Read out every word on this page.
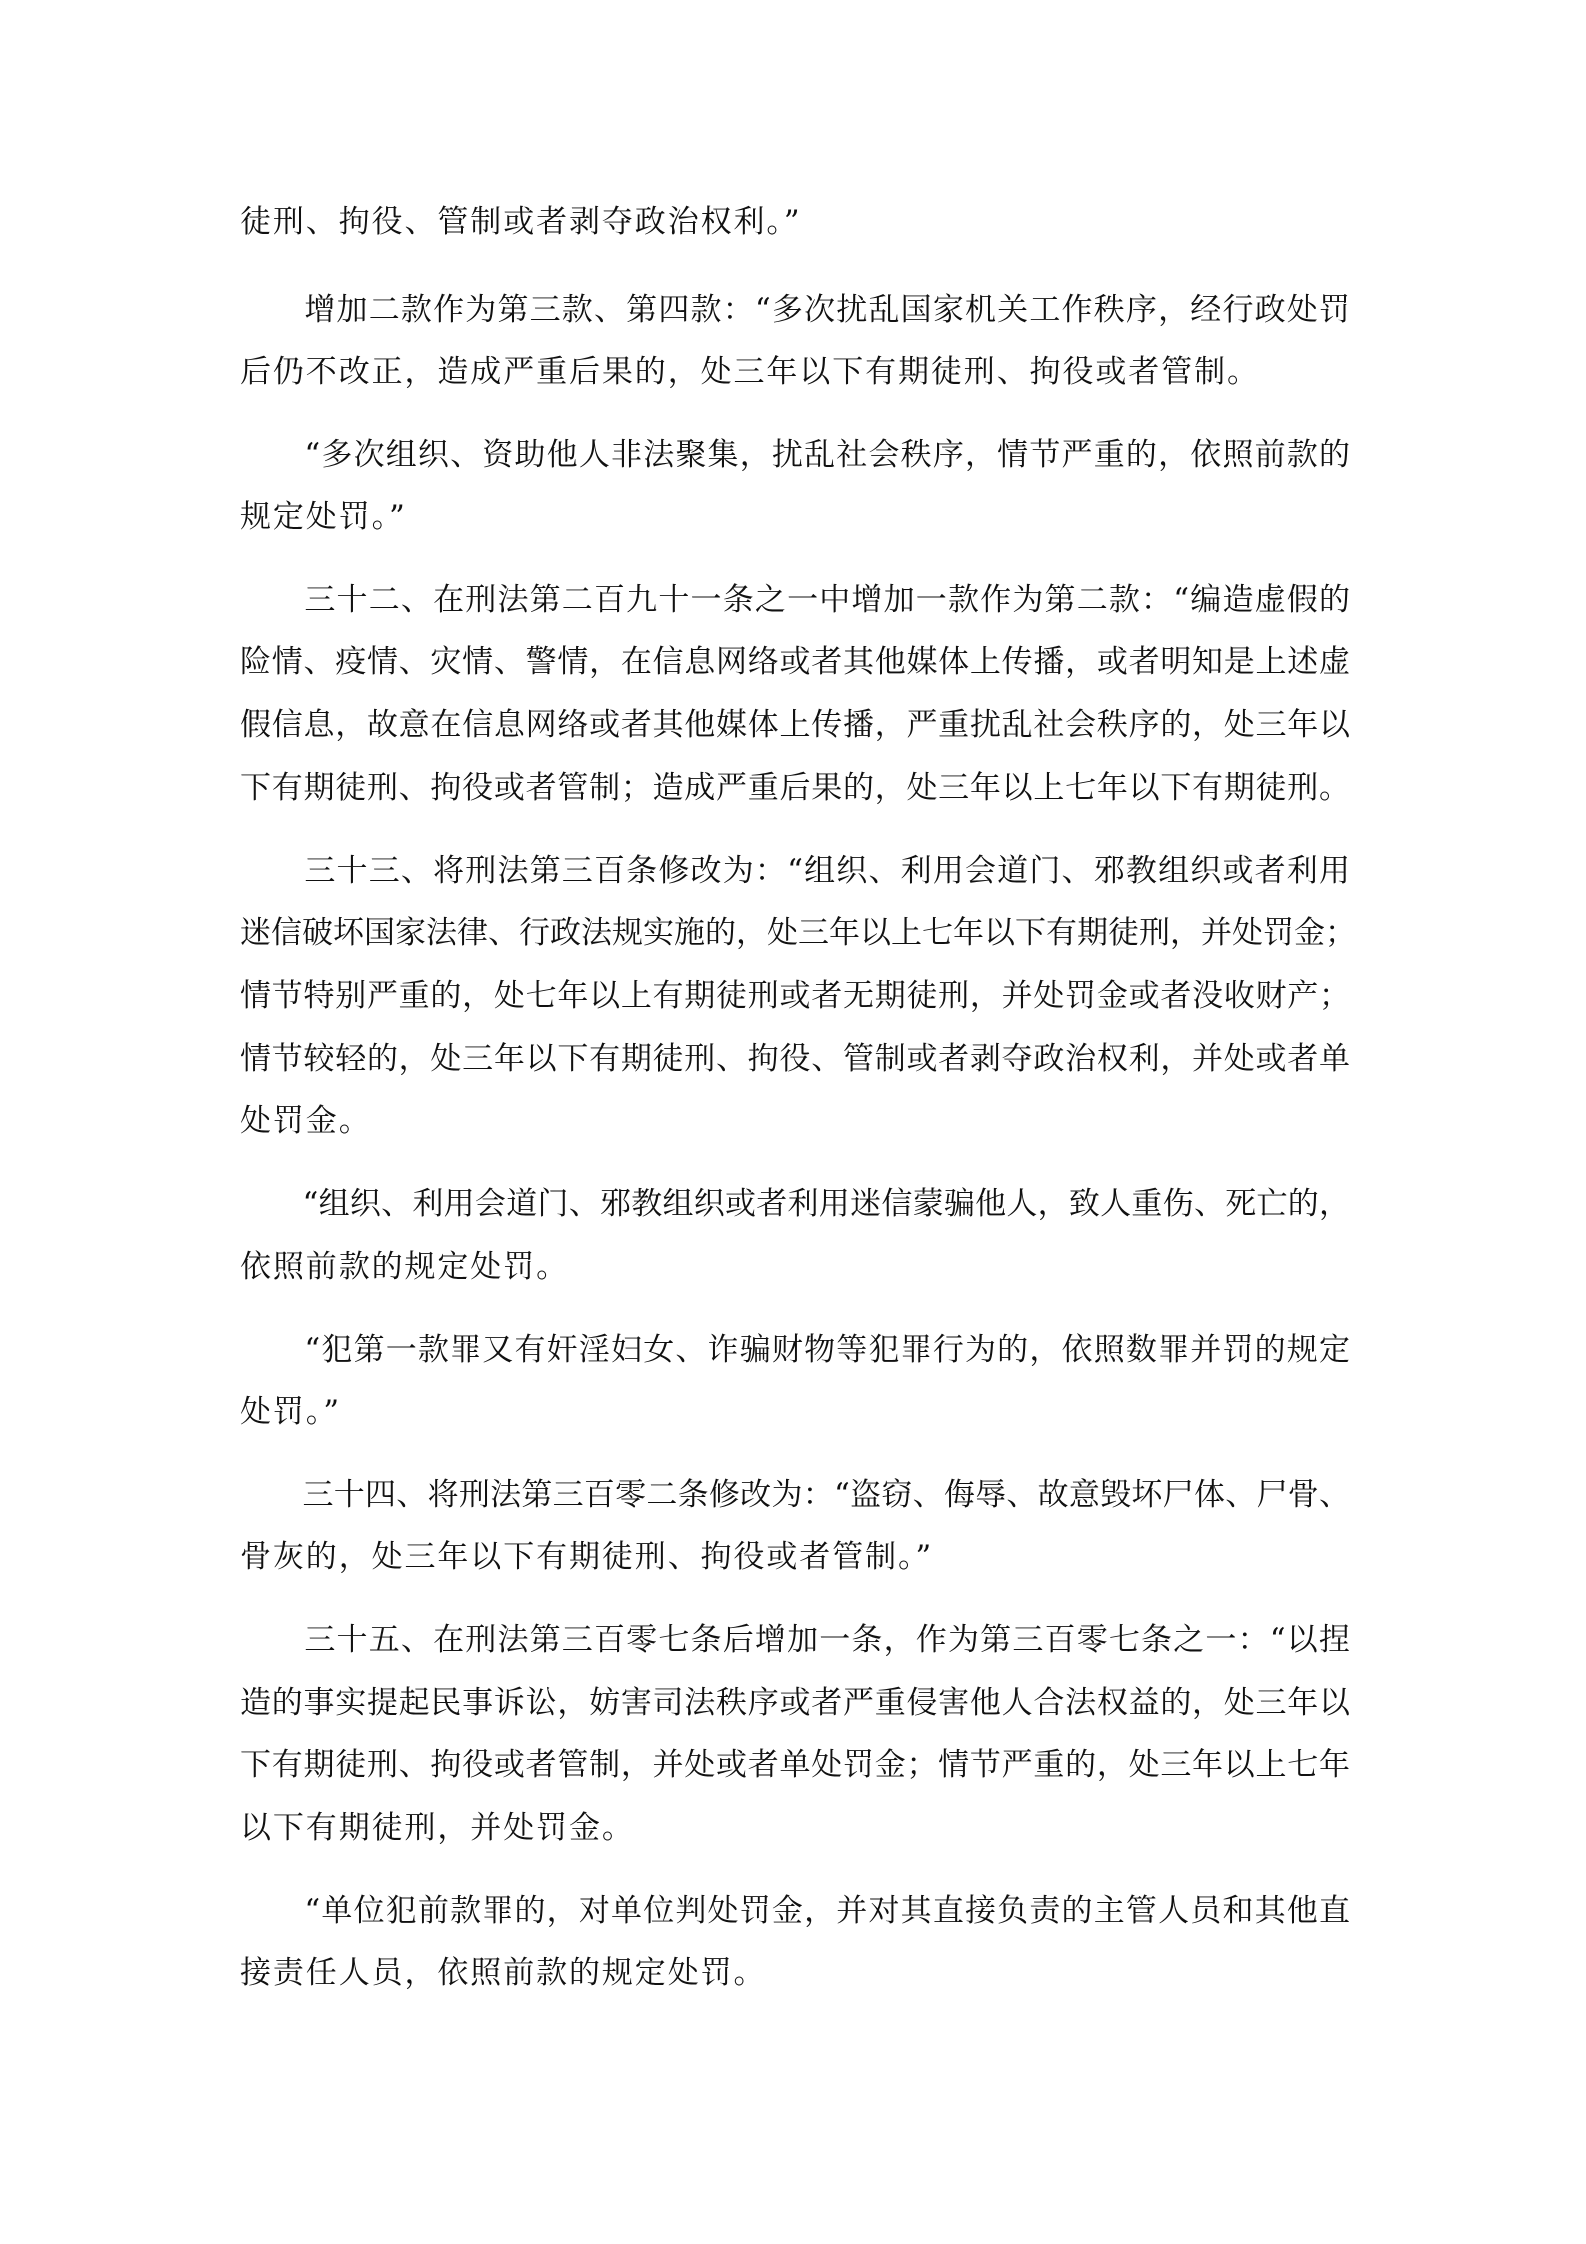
徒刑、拘役、管制或者剥夺政治权利。”

　　增加二款作为第三款、第四款：“多次扰乱国家机关工作秩序，经行政处罚

后仍不改正，造成严重后果的，处三年以下有期徒刑、拘役或者管制。

　　“多次组织、资助他人非法聚集，扰乱社会秩序，情节严重的，依照前款的

规定处罚。”

　　三十二、在刑法第二百九十一条之一中增加一款作为第二款：“编造虚假的

险情、疫情、灾情、警情，在信息网络或者其他媒体上传播，或者明知是上述虚

假信息，故意在信息网络或者其他媒体上传播，严重扰乱社会秩序的，处三年以

下有期徒刑、拘役或者管制；造成严重后果的，处三年以上七年以下有期徒刑。

　　三十三、将刑法第三百条修改为：“组织、利用会道门、邪教组织或者利用

迷信破坏国家法律、行政法规实施的，处三年以上七年以下有期徒刑，并处罚金；

情节特别严重的，处七年以上有期徒刑或者无期徒刑，并处罚金或者没收财产；

情节较轻的，处三年以下有期徒刑、拘役、管制或者剥夺政治权利，并处或者单

处罚金。

　　“组织、利用会道门、邪教组织或者利用迷信蒙骗他人，致人重伤、死亡的，

依照前款的规定处罚。

　　“犯第一款罪又有奸淫妇女、诈骗财物等犯罪行为的，依照数罪并罚的规定

处罚。”

　　三十四、将刑法第三百零二条修改为：“盗窃、侮辱、故意毁坏尸体、尸骨、

骨灰的，处三年以下有期徒刑、拘役或者管制。”

　　三十五、在刑法第三百零七条后增加一条，作为第三百零七条之一：“以捏

造的事实提起民事诉讼，妨害司法秩序或者严重侵害他人合法权益的，处三年以

下有期徒刑、拘役或者管制，并处或者单处罚金；情节严重的，处三年以上七年

以下有期徒刑，并处罚金。

　　“单位犯前款罪的，对单位判处罚金，并对其直接负责的主管人员和其他直

接责任人员，依照前款的规定处罚。
